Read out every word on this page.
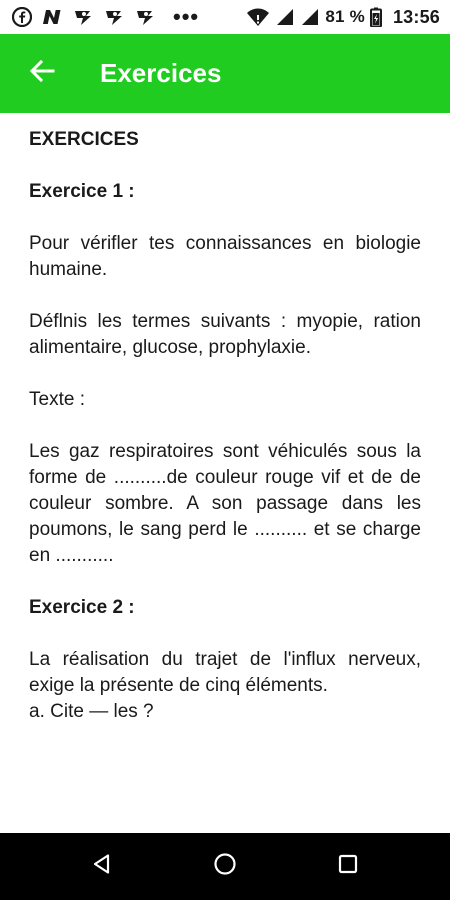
•••	81 % 13:56
Exercices

EXERCICES

Exercice 1 :

Pour vérifler tes connaissances en biologie humaine.

Déflnis les termes suivants : myopie, ration alimentaire, glucose, prophylaxie.

Texte :

Les gaz respiratoires sont véhiculés sous la forme de ..........de couleur rouge vif et de de couleur sombre. A son passage dans les poumons, le sang perd le .......... et se charge en ...........

Exercice 2 :

La réalisation du trajet de l'influx nerveux, exige la présente de cinq éléments.

a. Cite — les ?
